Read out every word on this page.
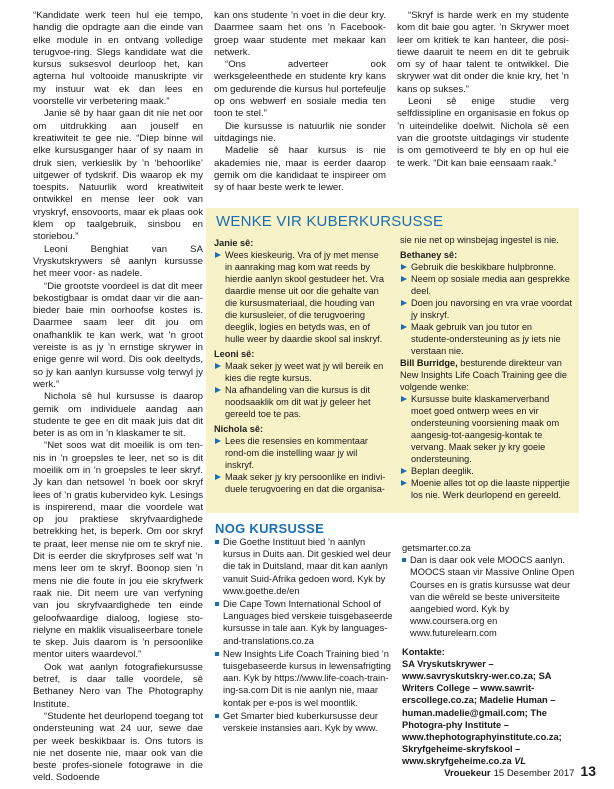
“Kandidate werk teen hul eie tempo, handig die opdragte aan die einde van elke module in en ontvang volledige terugvoe-ring. Slegs kandidate wat die kursus suksesvol deurloop het, kan agterna hul voltooide manuskripte vir my instuur wat ek dan lees en voorstelle vir verbetering maak.”

Janie sê by haar gaan dit nie net oor om uitdrukking aan jouself en kreatiwiteit te gee nie. “Diep binne wil elke kursusganger haar of sy naam in druk sien, verkieslik by ’n ‘behoorlike’ uitgewer of tydskrif. Dis waarop ek my toespits. Natuurlik word kreatiwiteit ontwikkel en mense leer ook van vryskryf, ensovoorts, maar ek plaas ook klem op taalgebruik, sinsbou en storiebou.”

Leoni Benghiat van SA Vryskutskrywers sê aanlyn kursusse het meer voor- as nadele.

“Die grootste voordeel is dat dit meer bekostigbaar is omdat daar vir die aan-bieder baie min oorhoofse kostes is. Daarmee saam leer dit jou om onafhanklik te kan werk, wat ’n groot vereiste is as jy ’n ernstige skrywer in enige genre wil word. Dis ook deeltyds, so jy kan aanlyn kursusse volg terwyl jy werk.”

Nichola sê hul kursusse is daarop gemik om individuele aandag aan studente te gee en dit maak juis dat dit beter is as om in ’n klaskamer te sit.

“Net soos wat dit moeilik is om ten-nis in ’n groepsles te leer, net so is dit moeilik om in ’n groepsles te leer skryf. Jy kan dan netsowel ’n boek oor skryf lees of ’n gratis kubervideo kyk. Lesings is inspirerend, maar die voordele wat op jou praktiese skryfvaardighede betrekking het, is beperk. Om oor skryf te praat, leer mense nie om te skryf nie. Dit is eerder die skryfproses self wat ’n mens leer om te skryf. Boonop sien ’n mens nie die foute in jou eie skryfwerk raak nie. Dit neem ure van verfyning van jou skryfvaardighede ten einde geloofwaardige dialoog, logiese sto-rielyne en maklik visualiseerbare tonele te skep. Juis daarom is ’n persoonlike mentor uiters waardevol.”

Ook wat aanlyn fotografiekursusse betref, is daar talle voordele, sê Bethaney Nero van The Photography Institute.

“Studente het deurlopend toegang tot ondersteuning wat 24 uur, sewe dae per week beskikbaar is. Ons tutors is nie net dosente nie, maar ook van die beste profes-sionele fotograwe in die veld. Sodoende

kan ons studente ’n voet in die deur kry. Daarmee saam het ons ’n Facebook-groep waar studente met mekaar kan netwerk.

“Ons adverteer ook werksgeleenthede en studente kry kans om gedurende die kursus hul portefeulje op ons webwerf en sosiale media ten toon te stel.”

Die kursusse is natuurlik nie sonder uitdagings nie.

Madelie sê haar kursus is nie akademies nie, maar is eerder daarop gemik om die kandidaat te inspireer om sy of haar beste werk te lewer.

“Skryf is harde werk en my studente kom dit baie gou agter. ’n Skrywer moet leer om kritiek te kan hanteer, die posi-tiewe daaruit te neem en dit te gebruik om sy of haar talent te ontwikkel. Die skrywer wat dit onder die knie kry, het ’n kans op sukses.”

Leoni sê enige studie verg selfdissipline en organisasie en fokus op ’n uiteindelike doelwit. Nichola sê een van die grootste uitdagings vir studente is om gemotiveerd te bly en op hul eie te werk. “Dit kan baie eensaam raak.”

WENKE VIR KUBERKURSUSSE
Janie sê:
Wees kieskeurig. Vra of jy met mense in aanraking mag kom wat reeds by hierdie aanlyn skool gestudeer het. Vra daardie mense uit oor die gehalte van die kursusmateriaal, die houding van die kursusleier, of die terugvoering deeglik, logies en betyds was, en of hulle weer by daardie skool sal inskryf.
Leoni sê:
Maak seker jy weet wat jy wil bereik en kies die regte kursus.
Na afhandeling van die kursus is dit noodsaaklik om dit wat jy geleer het gereeld toe te pas.
Nichola sê:
Lees die resensies en kommentaar rond-om die instelling waar jy wil inskryf.
Maak seker jy kry persoonlike en indivi-duele terugvoering en dat die organisa-
sie nie net op winsbejag ingestel is nie.
Bethaney sê:
Gebruik die beskikbare hulpbronne.
Neem op sosiale media aan gesprekke deel.
Doen jou navorsing en vra vrae voordat jy inskryf.
Maak gebruik van jou tutor en studente-ondersteuning as jy iets nie verstaan nie.
Bill Burridge, besturende direkteur van New Insights Life Coach Training gee die volgende wenke:
Kursusse buite klaskamerverband moet goed ontwerp wees en vir ondersteuning voorsiening maak om aangesig-tot-aangesig-kontak te vervang. Maak seker jy kry goeie ondersteuning.
Beplan deeglik.
Moenie alles tot op die laaste nippertjie los nie. Werk deurlopend en gereeld.
NOG KURSUSSE
Die Goethe Instituut bied ’n aanlyn kursus in Duits aan. Dit geskied wel deur die tak in Duitsland, maar dit kan aanlyn vanuit Suid-Afrika gedoen word. Kyk by www.goethe.de/en
Die Cape Town International School of Languages bied verskeie tuisgebaseerde kursusse in tale aan. Kyk by languages-and-translations.co.za
New Insights Life Coach Training bied ’n tuisgebaseerde kursus in lewensafrigting aan. Kyk by https://www.life-coach-train-ing-sa.com Dit is nie aanlyn nie, maar kontak per e-pos is wel moontlik.
Get Smarter bied kuberkursusse deur verskeie instansies aan. Kyk by www.
getsmarter.co.za
Dan is daar ook vele MOOCS aanlyn. MOOCS staan vir Massive Online Open Courses en is gratis kursusse wat deur van die wêreld se beste universiteite aangebied word. Kyk by www.coursera.org en www.futurelearn.com
Kontakte:
SA Vryskutskrywer – www.savryskutskry-wer.co.za; SA Writers College – www.sawrit-erscollege.co.za; Madelie Human – human.madelie@gmail.com; The Photogra-phy Institute – www.thephotographyinstitute.co.za; Skryfgeheime-skryfskool – www.skryfgeheime.co.za VL
Vrouekeur 15 Desember 2017 13
